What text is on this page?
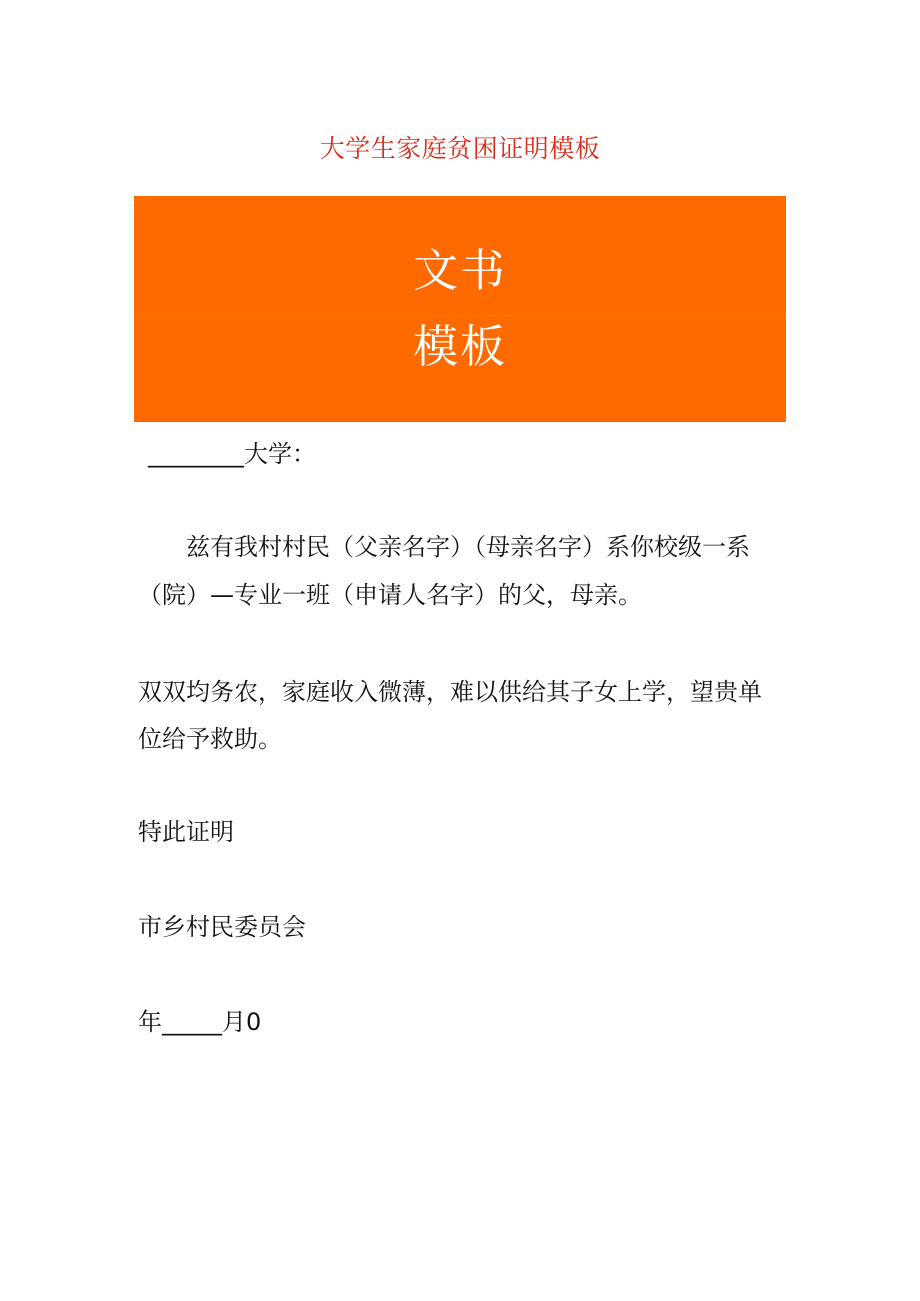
大学生家庭贫困证明模板
文书
模板
________大学：
兹有我村村民（父亲名字）（母亲名字）系你校级一系
（院）—专业一班（申请人名字）的父，母亲。
双双均务农，家庭收入微薄，难以供给其子女上学，望贵单
位给予救助。
特此证明
市乡村民委员会
年_____月0
